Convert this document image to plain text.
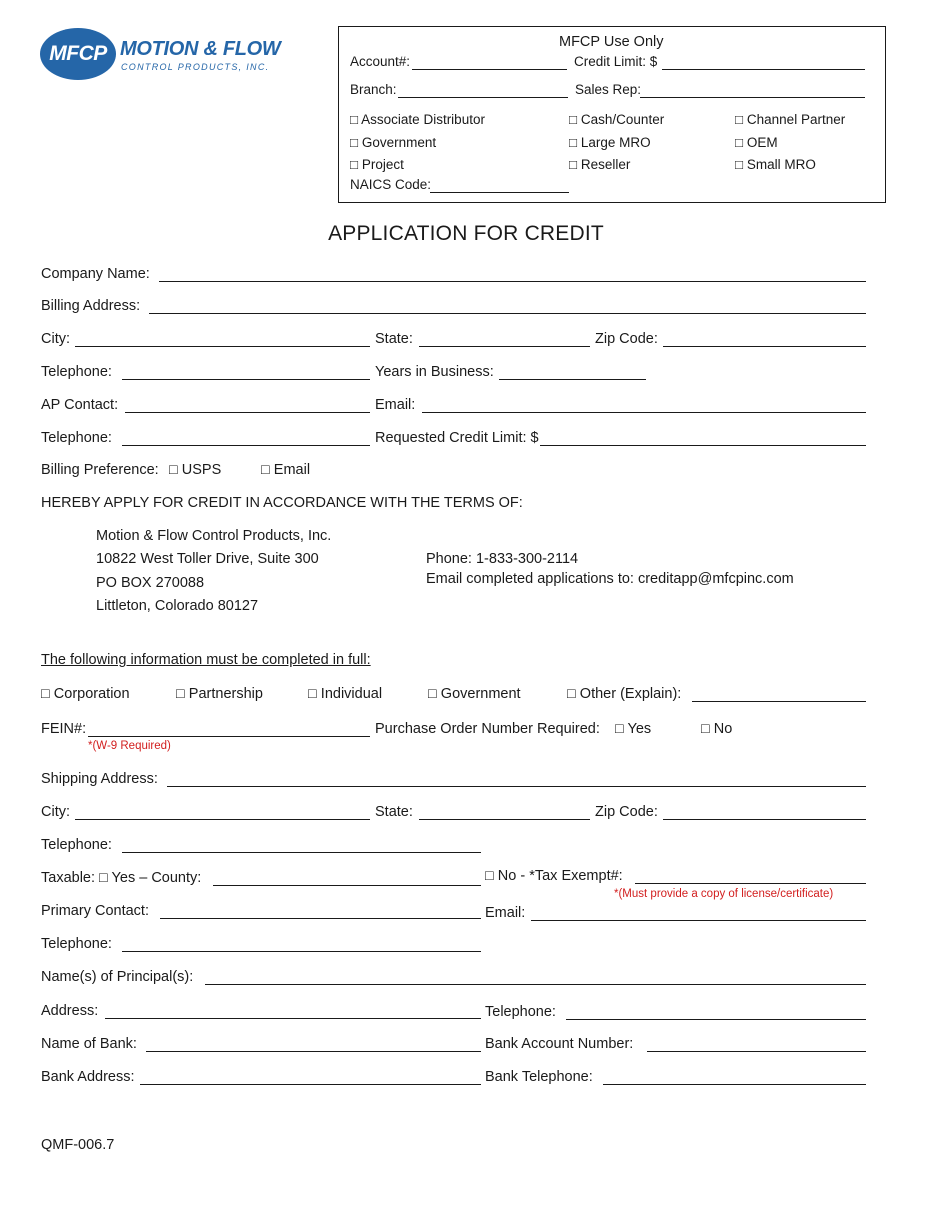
MFCP MOTION & FLOW
CONTROL PRODUCTS, INC.
MFCP Use Only
Account#:	Credit Limit: $
Branch:	Sales Rep:
□ Associate Distributor	□ Cash/Counter	□ Channel Partner
□ Government	□ Large MRO	□ OEM
□ Project	□ Reseller	□ Small MRO
NAICS Code:
APPLICATION FOR CREDIT
Company Name:
Billing Address:
City:	State:	Zip Code:
Telephone:	Years in Business:
AP Contact:	Email:
Telephone:	Requested Credit Limit: $
Billing Preference: □ USPS	□ Email
HEREBY APPLY FOR CREDIT IN ACCORDANCE WITH THE TERMS OF:
Motion & Flow Control Products, Inc.
10822 West Toller Drive, Suite 300
PO BOX 270088
Littleton, Colorado 80127
Phone: 1-833-300-2114
Email completed applications to: creditapp@mfcpinc.com
The following information must be completed in full:
□ Corporation	□ Partnership	□ Individual	□ Government	□ Other (Explain):
FEIN#:
*(W-9 Required)
Purchase Order Number Required: □ Yes	□ No
Shipping Address:
City:	State:	Zip Code:
Telephone:
Taxable: □ Yes – County:	□ No - *Tax Exempt#:
*(Must provide a copy of license/certificate)
Primary Contact:	Email:
Telephone:
Name(s) of Principal(s):
Address:	Telephone:
Name of Bank:	Bank Account Number:
Bank Address:	Bank Telephone:
QMF-006.7
